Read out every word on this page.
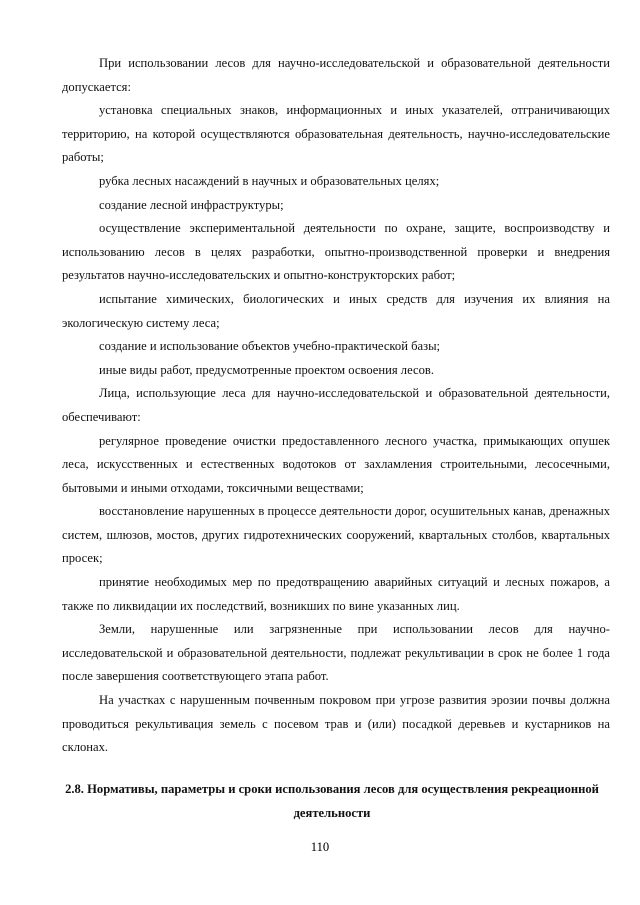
При использовании лесов для научно-исследовательской и образовательной деятельности допускается:

установка специальных знаков, информационных и иных указателей, отграничивающих территорию, на которой осуществляются образовательная деятельность, научно-исследовательские работы;

рубка лесных насаждений в научных и образовательных целях;

создание лесной инфраструктуры;

осуществление экспериментальной деятельности по охране, защите, воспроизводству и использованию лесов в целях разработки, опытно-производственной проверки и внедрения результатов научно-исследовательских и опытно-конструкторских работ;

испытание химических, биологических и иных средств для изучения их влияния на экологическую систему леса;

создание и использование объектов учебно-практической базы;

иные виды работ, предусмотренные проектом освоения лесов.

Лица, использующие леса для научно-исследовательской и образовательной деятельности, обеспечивают:

регулярное проведение очистки предоставленного лесного участка, примыкающих опушек леса, искусственных и естественных водотоков от захламления строительными, лесосечными, бытовыми и иными отходами, токсичными веществами;

восстановление нарушенных в процессе деятельности дорог, осушительных канав, дренажных систем, шлюзов, мостов, других гидротехнических сооружений, квартальных столбов, квартальных просек;

принятие необходимых мер по предотвращению аварийных ситуаций и лесных пожаров, а также по ликвидации их последствий, возникших по вине указанных лиц.

Земли, нарушенные или загрязненные при использовании лесов для научно-исследовательской и образовательной деятельности, подлежат рекультивации в срок не более 1 года после завершения соответствующего этапа работ.

На участках с нарушенным почвенным покровом при угрозе развития эрозии почвы должна проводиться рекультивация земель с посевом трав и (или) посадкой деревьев и кустарников на склонах.

2.8. Нормативы, параметры и сроки использования лесов для осуществления рекреационной деятельности
110
